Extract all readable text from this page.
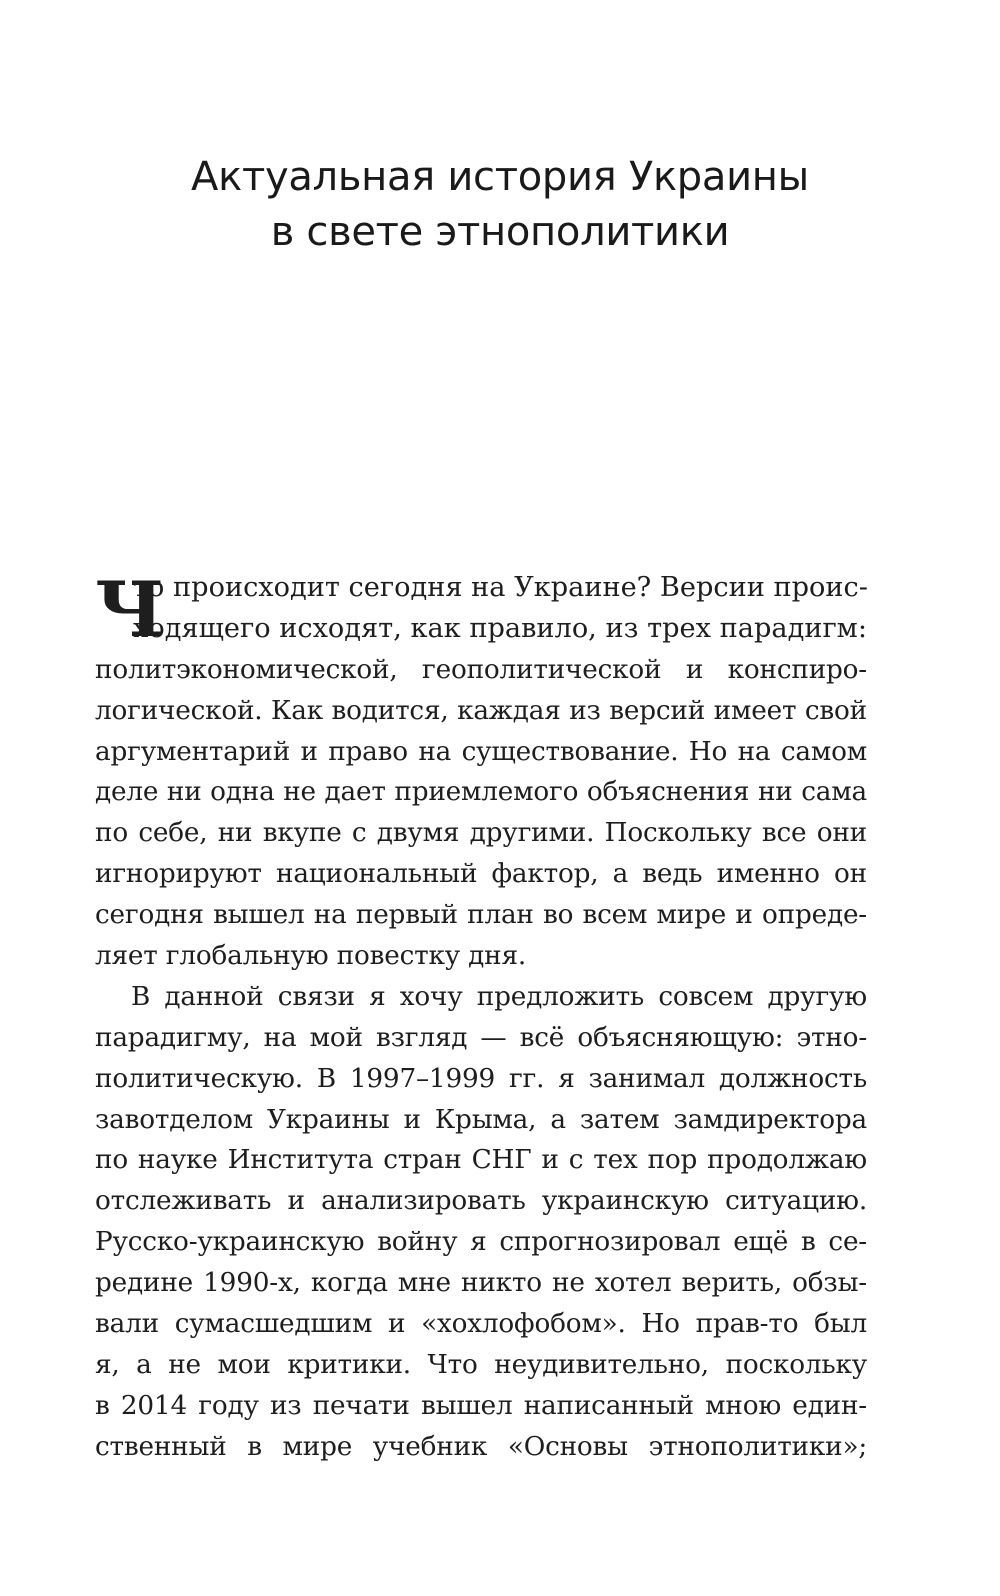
Актуальная история Украины
в свете этнополитики
Ч
то происходит сегодня на Украине? Версии проис-
ходящего исходят, как правило, из трех парадигм:
политэкономической, геополитической и конспиро-
логической. Как водится, каждая из версий имеет свой
аргументарий и право на существование. Но на самом
деле ни одна не дает приемлемого объяснения ни сама
по себе, ни вкупе с двумя другими. Поскольку все они
игнорируют национальный фактор, а ведь именно он
сегодня вышел на первый план во всем мире и опреде-
ляет глобальную повестку дня.
В данной связи я хочу предложить совсем другую
парадигму, на мой взгляд — всё объясняющую: этно-
политическую. В 1997–1999 гг. я занимал должность
завотделом Украины и Крыма, а затем замдиректора
по науке Института стран СНГ и с тех пор продолжаю
отслеживать и анализировать украинскую ситуацию.
Русско-украинскую войну я спрогнозировал ещё в се-
редине 1990-х, когда мне никто не хотел верить, обзы-
вали сумасшедшим и «хохлофобом». Но прав-то был
я, а не мои критики. Что неудивительно, поскольку
в 2014 году из печати вышел написанный мною един-
ственный в мире учебник «Основы этнополитики»;
